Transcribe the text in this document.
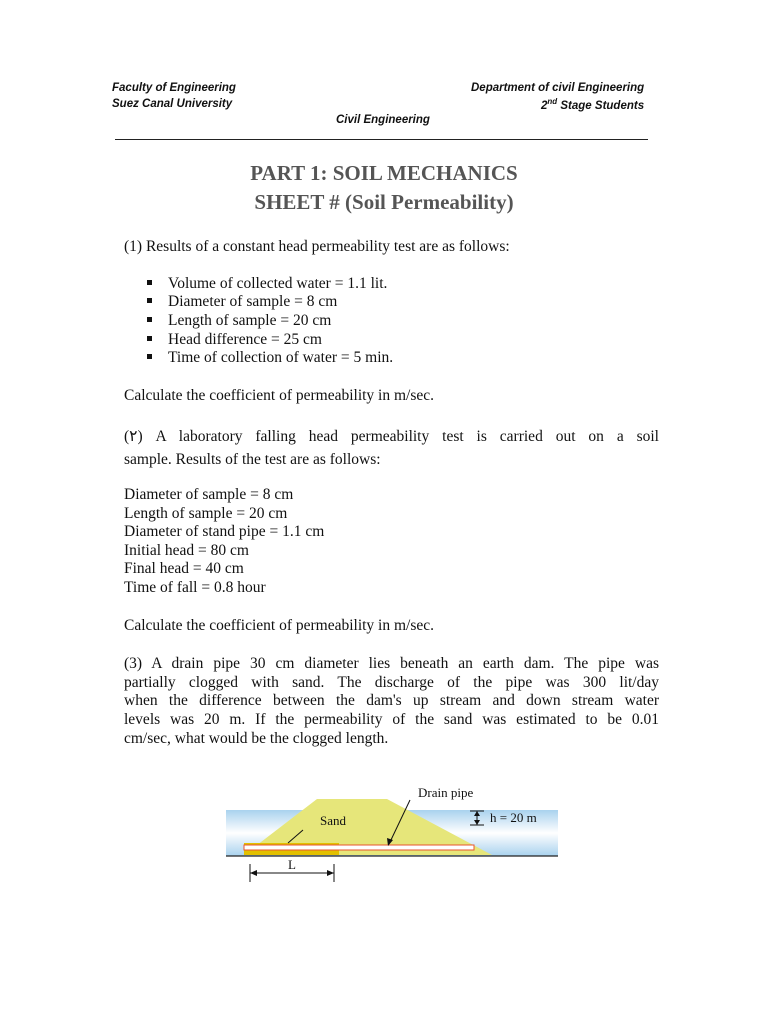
Faculty of Engineering
Suez Canal University
Department of civil Engineering
2nd Stage Students
Civil Engineering
PART 1: SOIL MECHANICS
SHEET # (Soil Permeability)
(1) Results of a constant head permeability test are as follows:
Volume of collected water = 1.1 lit.
Diameter of sample = 8 cm
Length of sample = 20 cm
Head difference = 25 cm
Time of collection of water = 5 min.
Calculate the coefficient of permeability in m/sec.
(٢) A laboratory falling head permeability test is carried out on a soil
sample. Results of the test are as follows:
Diameter of sample = 8 cm
Length of sample = 20 cm
Diameter of stand pipe = 1.1 cm
Initial head = 80 cm
Final head = 40 cm
Time of fall = 0.8 hour
Calculate the coefficient of permeability in m/sec.
(3) A drain pipe 30 cm diameter lies beneath an earth dam. The pipe was
partially clogged with sand. The discharge of the pipe was 300 lit/day
when the difference between the dam's up stream and down stream water
levels was 20 m. If the permeability of the sand was estimated to be 0.01
cm/sec, what would be the clogged length.
Drain pipe
Sand	h = 20 m
L
